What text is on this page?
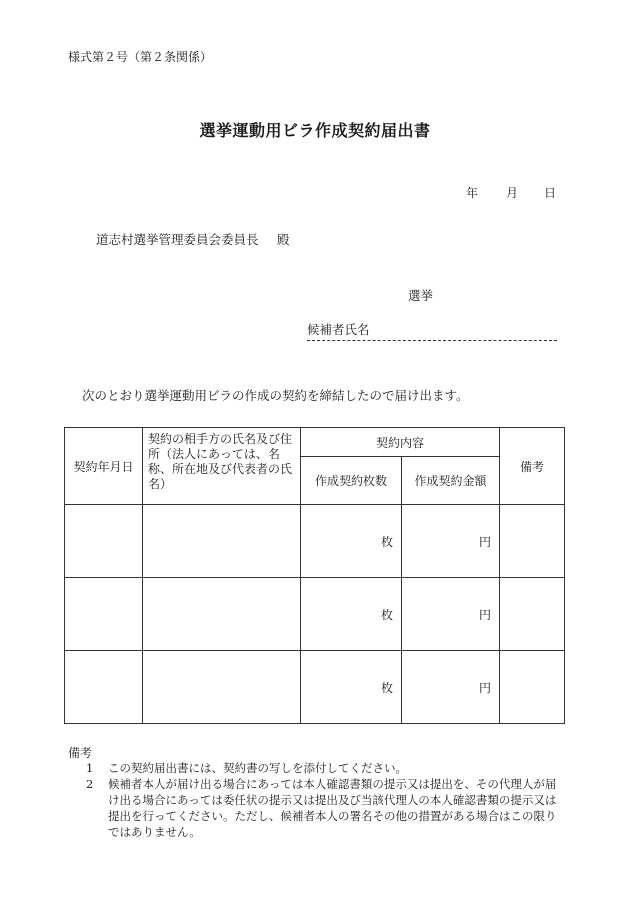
様式第２号（第２条関係）
選挙運動用ビラ作成契約届出書
年 月 日
道志村選挙管理委員会委員長 殿
選挙
候補者氏名
次のとおり選挙運動用ビラの作成の契約を締結したので届け出ます。
契約年月日	契約の相手方の氏名及び住所（法人にあっては、名称、所在地及び代表者の氏名）	契約内容		備考
		作成契約枚数	作成契約金額	
		枚	円	
		枚	円	
		枚	円	
備考
1 この契約届出書には、契約書の写しを添付してください。
2	候補者本人が届け出る場合にあっては本人確認書類の提示又は提出を、その代理人が届け出る場合にあっては委任状の提示又は提出及び当該代理人の本人確認書類の提示又は提出を行ってください。ただし、候補者本人の署名その他の措置がある場合はこの限りではありません。
